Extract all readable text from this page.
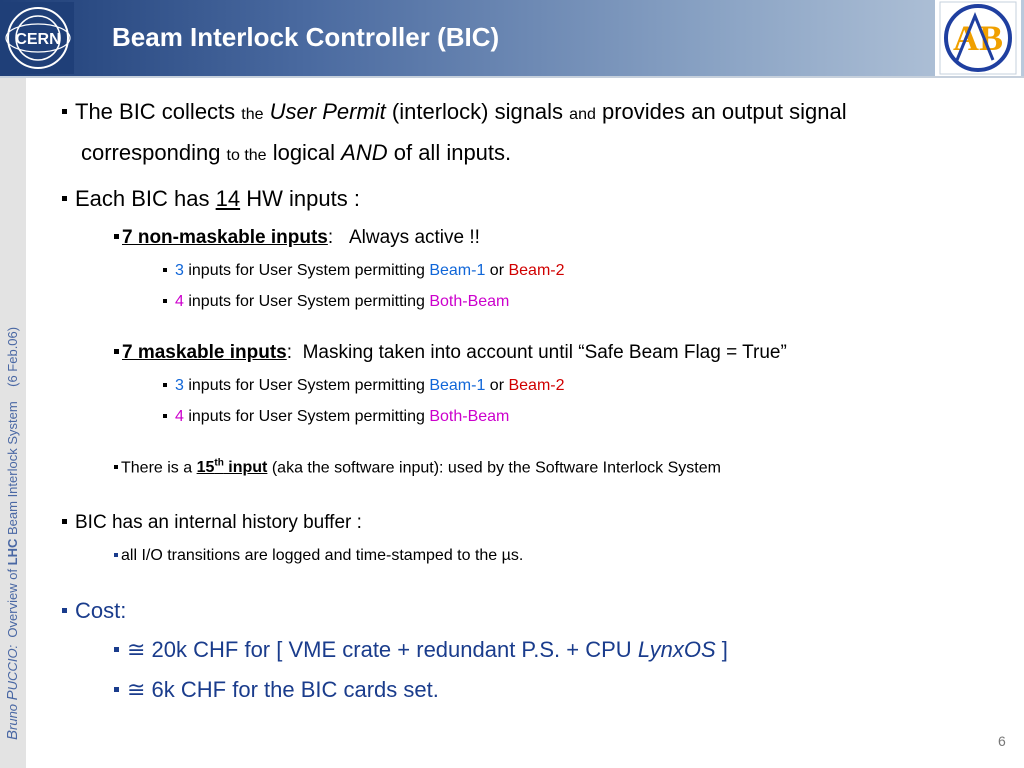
CERN Beam Interlock Controller (BIC)	AB
Bruno PUCCIO:  Overview of LHC Beam Interlock System    (6 Feb.06)
The BIC collects the User Permit (interlock) signals and provides an output signal
corresponding to the logical AND of all inputs.
Each BIC has 14 HW inputs :
7 non-maskable inputs: Always active !!
3 inputs for User System permitting Beam-1 or Beam-2
4 inputs for User System permitting Both-Beam
7 maskable inputs: Masking taken into account until “Safe Beam Flag = True”
3 inputs for User System permitting Beam-1 or Beam-2
4 inputs for User System permitting Both-Beam
There is a 15th input (aka the software input): used by the Software Interlock System
BIC has an internal history buffer :
all I/O transitions are logged and time-stamped to the µs.
Cost:
≅ 20k CHF for [ VME crate + redundant P.S. + CPU LynxOS ]
≅ 6k CHF for the BIC cards set.
6
